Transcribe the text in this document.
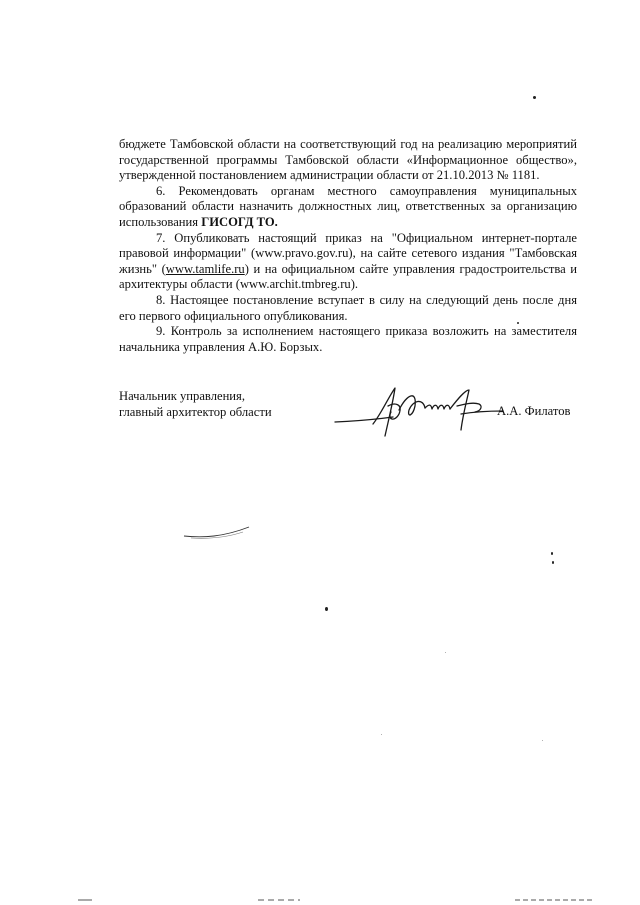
бюджете Тамбовской области на соответствующий год на реализацию мероприятий государственной программы Тамбовской области «Информационное общество», утвержденной постановлением администрации области от 21.10.2013 № 1181.

6. Рекомендовать органам местного самоуправления муниципальных образований области назначить должностных лиц, ответственных за организацию использования ГИСОГД ТО.

7. Опубликовать настоящий приказ на "Официальном интернет-портале правовой информации" (www.pravo.gov.ru), на сайте сетевого издания "Тамбовская жизнь" (www.tamlife.ru) и на официальном сайте управления градостроительства и архитектуры области (www.archit.tmbreg.ru).

8. Настоящее постановление вступает в силу на следующий день после дня его первого официального опубликования.

9. Контроль за исполнением настоящего приказа возложить на заместителя начальника управления А.Ю. Борзых.

Начальник управления,
главный архитектор области	А.А. Филатов
